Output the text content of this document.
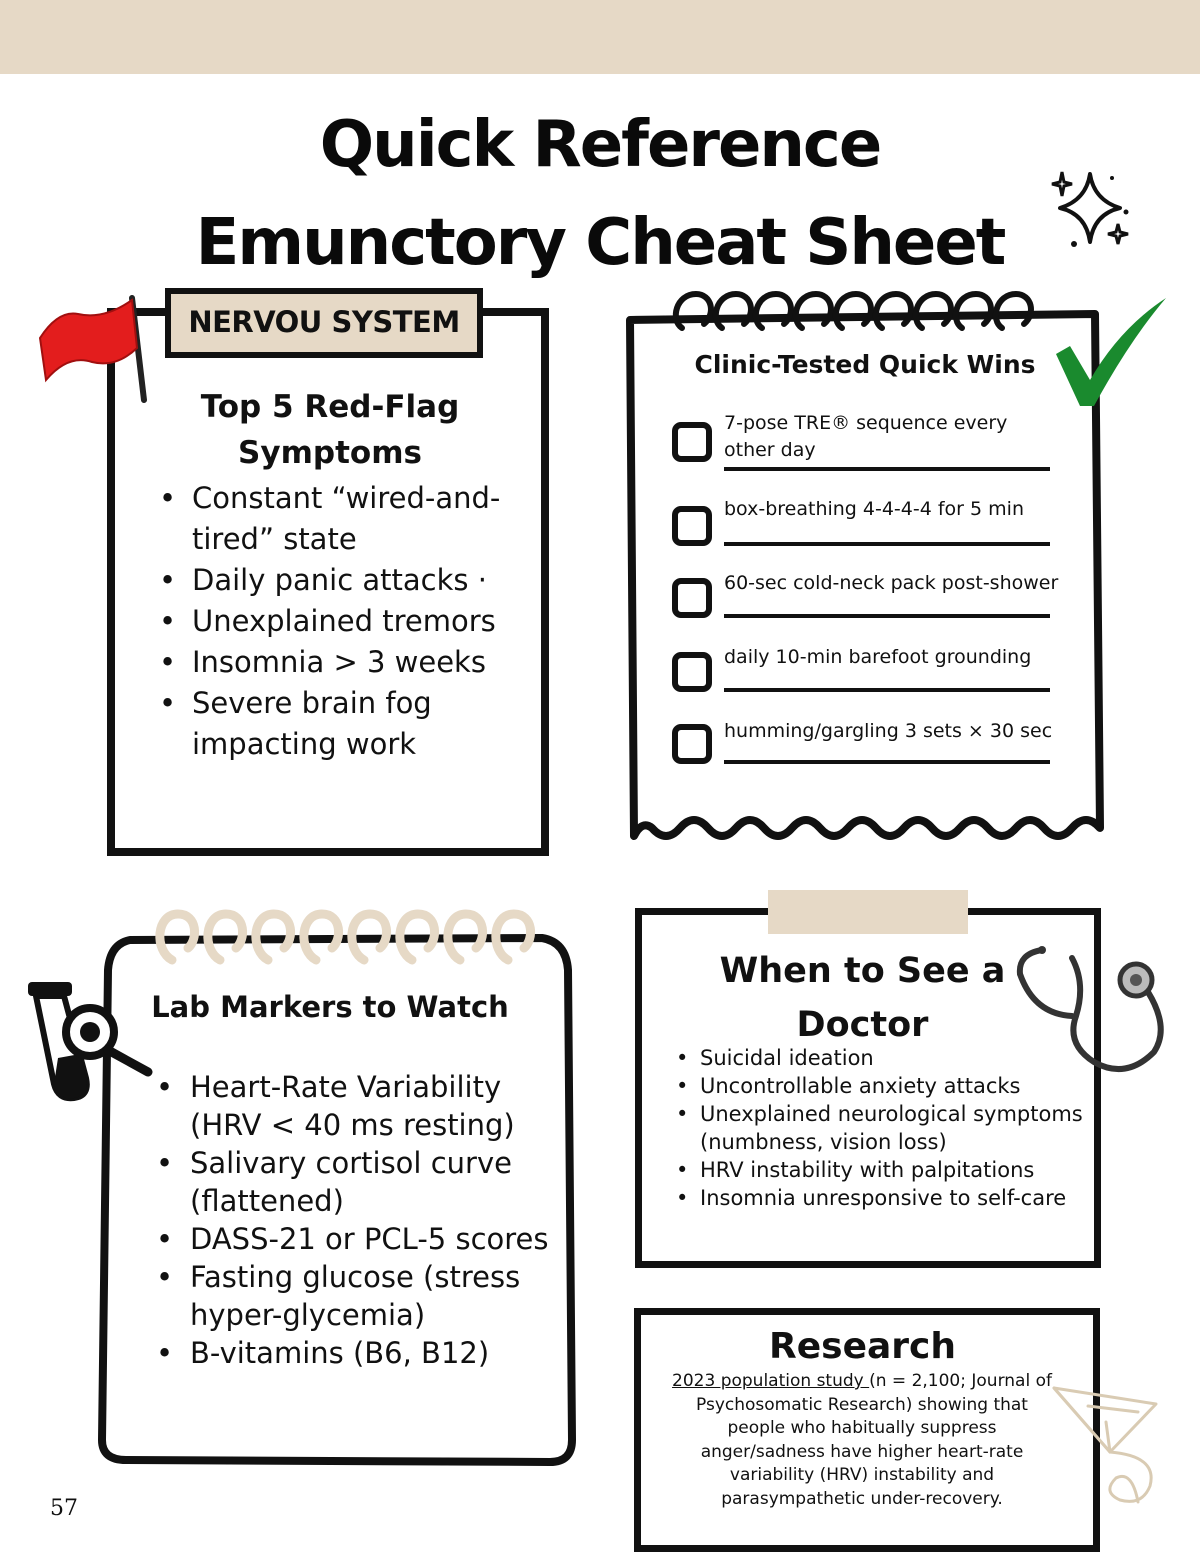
Quick Reference
Emunctory Cheat Sheet
NERVOU SYSTEM
Top 5 Red-Flag
Symptoms
• Constant “wired-and-tired” state
• Daily panic attacks ·
• Unexplained tremors
• Insomnia > 3 weeks
• Severe brain fog impacting work
Clinic-Tested Quick Wins
7-pose TRE® sequence every other day
box-breathing 4-4-4-4 for 5 min
60-sec cold-neck pack post-shower
daily 10-min barefoot grounding
humming/gargling 3 sets × 30 sec
Lab Markers to Watch
• Heart-Rate Variability (HRV < 40 ms resting)
• Salivary cortisol curve (flattened)
• DASS-21 or PCL-5 scores
• Fasting glucose (stress hyper-glycemia)
• B-vitamins (B6, B12)
When to See a
Doctor
• Suicidal ideation
• Uncontrollable anxiety attacks
• Unexplained neurological symptoms (numbness, vision loss)
• HRV instability with palpitations
• Insomnia unresponsive to self-care
Research
2023 population study (n = 2,100; Journal of Psychosomatic Research) showing that people who habitually suppress anger/sadness have higher heart-rate variability (HRV) instability and parasympathetic under-recovery.
57
